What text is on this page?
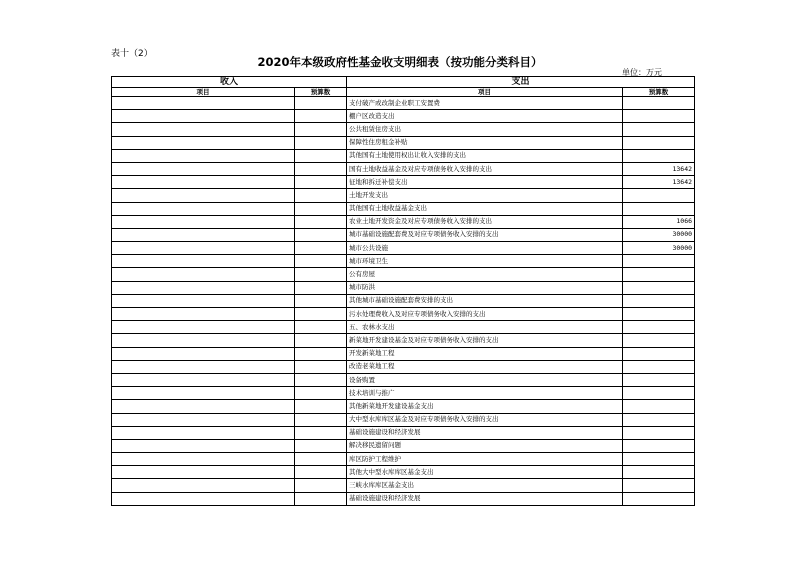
表十（2）
2020年本级政府性基金收支明细表（按功能分类科目）
单位：万元
收入		支出	
项目	预算数	项目	预算数
		支付破产或改制企业职工安置费	
		棚户区改造支出	
		公共租赁住房支出	
		保障性住房租金补贴	
		其他国有土地使用权出让收入安排的支出	
		国有土地收益基金及对应专项债务收入安排的支出	13642
		征地和拆迁补偿支出	13642
		土地开发支出	
		其他国有土地收益基金支出	
		农业土地开发资金及对应专项债务收入安排的支出	1066
		城市基础设施配套费及对应专项债务收入安排的支出	30000
		城市公共设施	30000
		城市环境卫生	
		公有房屋	
		城市防洪	
		其他城市基础设施配套费安排的支出	
		污水处理费收入及对应专项债务收入安排的支出	
		五、农林水支出	
		新菜地开发建设基金及对应专项债务收入安排的支出	
		开发新菜地工程	
		改造老菜地工程	
		设备购置	
		技术培训与推广	
		其他新菜地开发建设基金支出	
		大中型水库库区基金及对应专项债务收入安排的支出	
		基础设施建设和经济发展	
		解决移民遗留问题	
		库区防护工程维护	
		其他大中型水库库区基金支出	
		三峡水库库区基金支出	
		基础设施建设和经济发展	
